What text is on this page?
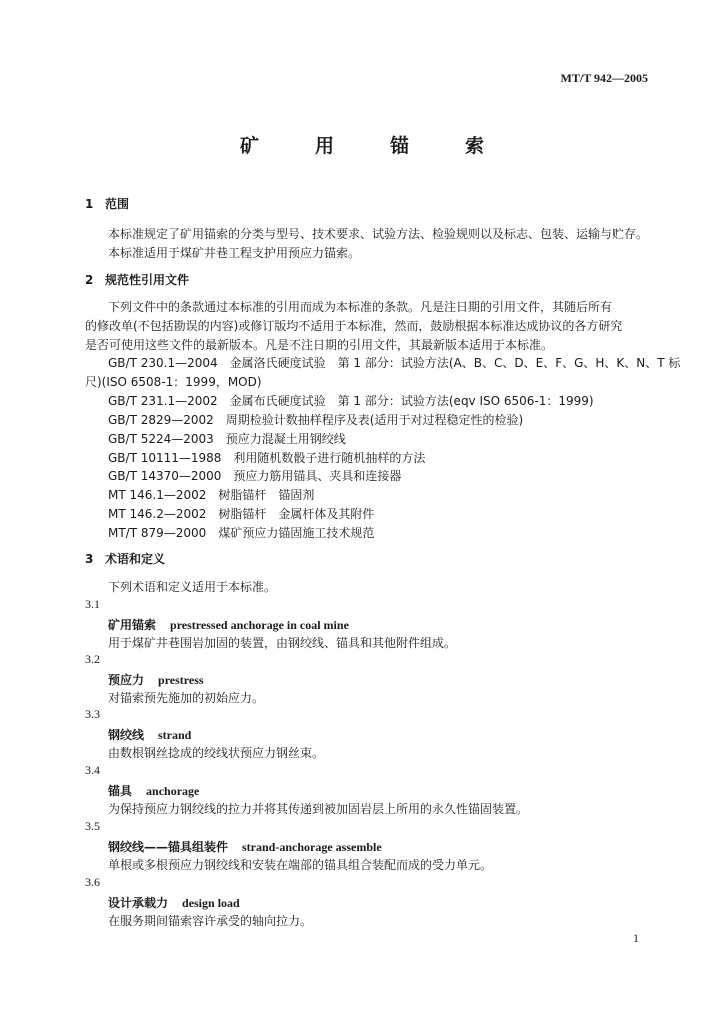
MT/T 942—2005
矿	用	锚	索
1 范围
本标准规定了矿用锚索的分类与型号、技术要求、试验方法、检验规则以及标志、包装、运输与贮存。
本标准适用于煤矿井巷工程支护用预应力锚索。
2 规范性引用文件
下列文件中的条款通过本标准的引用而成为本标准的条款。凡是注日期的引用文件，其随后所有
的修改单(不包括勘误的内容)或修订版均不适用于本标准，然而，鼓励根据本标准达成协议的各方研究
是否可使用这些文件的最新版本。凡是不注日期的引用文件，其最新版本适用于本标准。
GB/T 230.1—2004　金属洛氏硬度试验　第 1 部分：试验方法(A、B、C、D、E、F、G、H、K、N、T 标
尺)(ISO 6508-1：1999，MOD)
GB/T 231.1—2002　金属布氏硬度试验　第 1 部分：试验方法(eqv ISO 6506-1：1999)
GB/T 2829—2002　周期检验计数抽样程序及表(适用于对过程稳定性的检验)
GB/T 5224—2003　预应力混凝土用钢绞线
GB/T 10111—1988　利用随机数骰子进行随机抽样的方法
GB/T 14370—2000　预应力筋用锚具、夹具和连接器
MT 146.1—2002　树脂锚杆　锚固剂
MT 146.2—2002　树脂锚杆　金属杆体及其附件
MT/T 879—2000　煤矿预应力锚固施工技术规范
3 术语和定义
下列术语和定义适用于本标准。
3.1
矿用锚索 prestressed anchorage in coal mine
用于煤矿井巷围岩加固的装置，由钢绞线、锚具和其他附件组成。
3.2
预应力 prestress
对锚索预先施加的初始应力。
3.3
钢绞线 strand
由数根钢丝捻成的绞线状预应力钢丝束。
3.4
锚具 anchorage
为保持预应力钢绞线的拉力并将其传递到被加固岩层上所用的永久性锚固装置。
3.5
钢绞线——锚具组装件 strand-anchorage assemble
单根或多根预应力钢绞线和安装在端部的锚具组合装配而成的受力单元。
3.6
设计承载力 design load
在服务期间锚索容许承受的轴向拉力。
1
